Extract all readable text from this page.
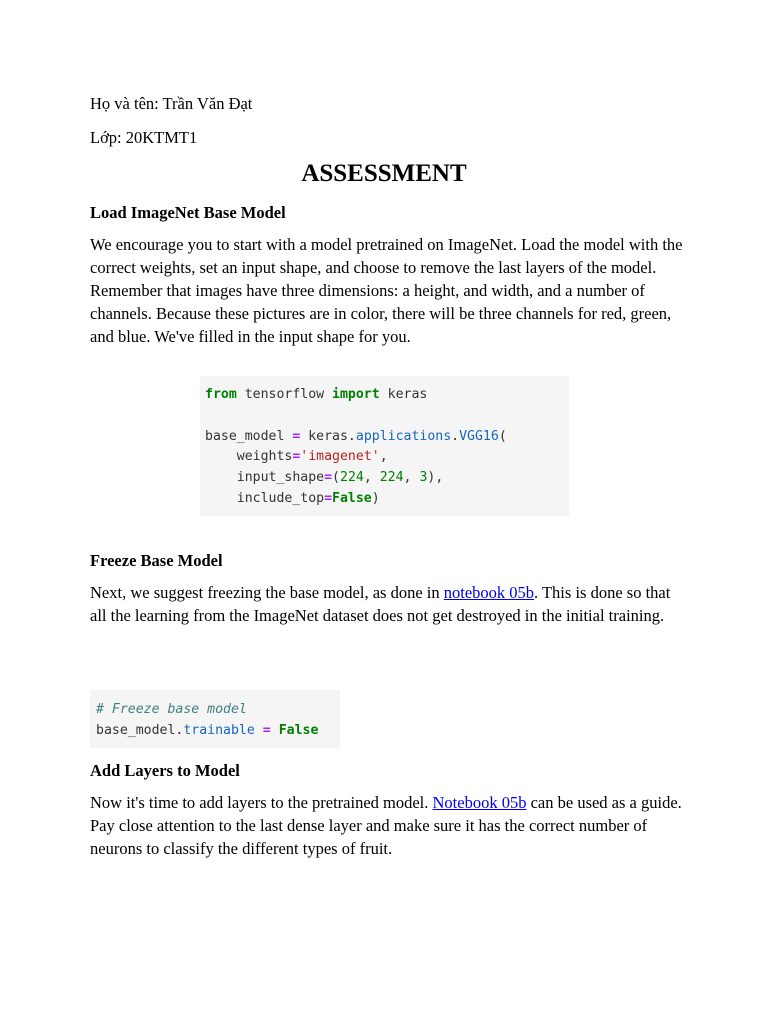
Họ và tên: Trần Văn Đạt
Lớp: 20KTMT1
ASSESSMENT
Load ImageNet Base Model

We encourage you to start with a model pretrained on ImageNet. Load the model with the correct weights, set an input shape, and choose to remove the last layers of the model. Remember that images have three dimensions: a height, and width, and a number of channels. Because these pictures are in color, there will be three channels for red, green, and blue. We've filled in the input shape for you.

from tensorflow import keras
base_model = keras.applications.VGG16(
weights='imagenet',
input_shape=(224, 224, 3),
include_top=False)
Freeze Base Model

Next, we suggest freezing the base model, as done in notebook 05b. This is done so that all the learning from the ImageNet dataset does not get destroyed in the initial training.

# Freeze base model
base_model.trainable = False
Add Layers to Model

Now it's time to add layers to the pretrained model. Notebook 05b can be used as a guide. Pay close attention to the last dense layer and make sure it has the correct number of neurons to classify the different types of fruit.
